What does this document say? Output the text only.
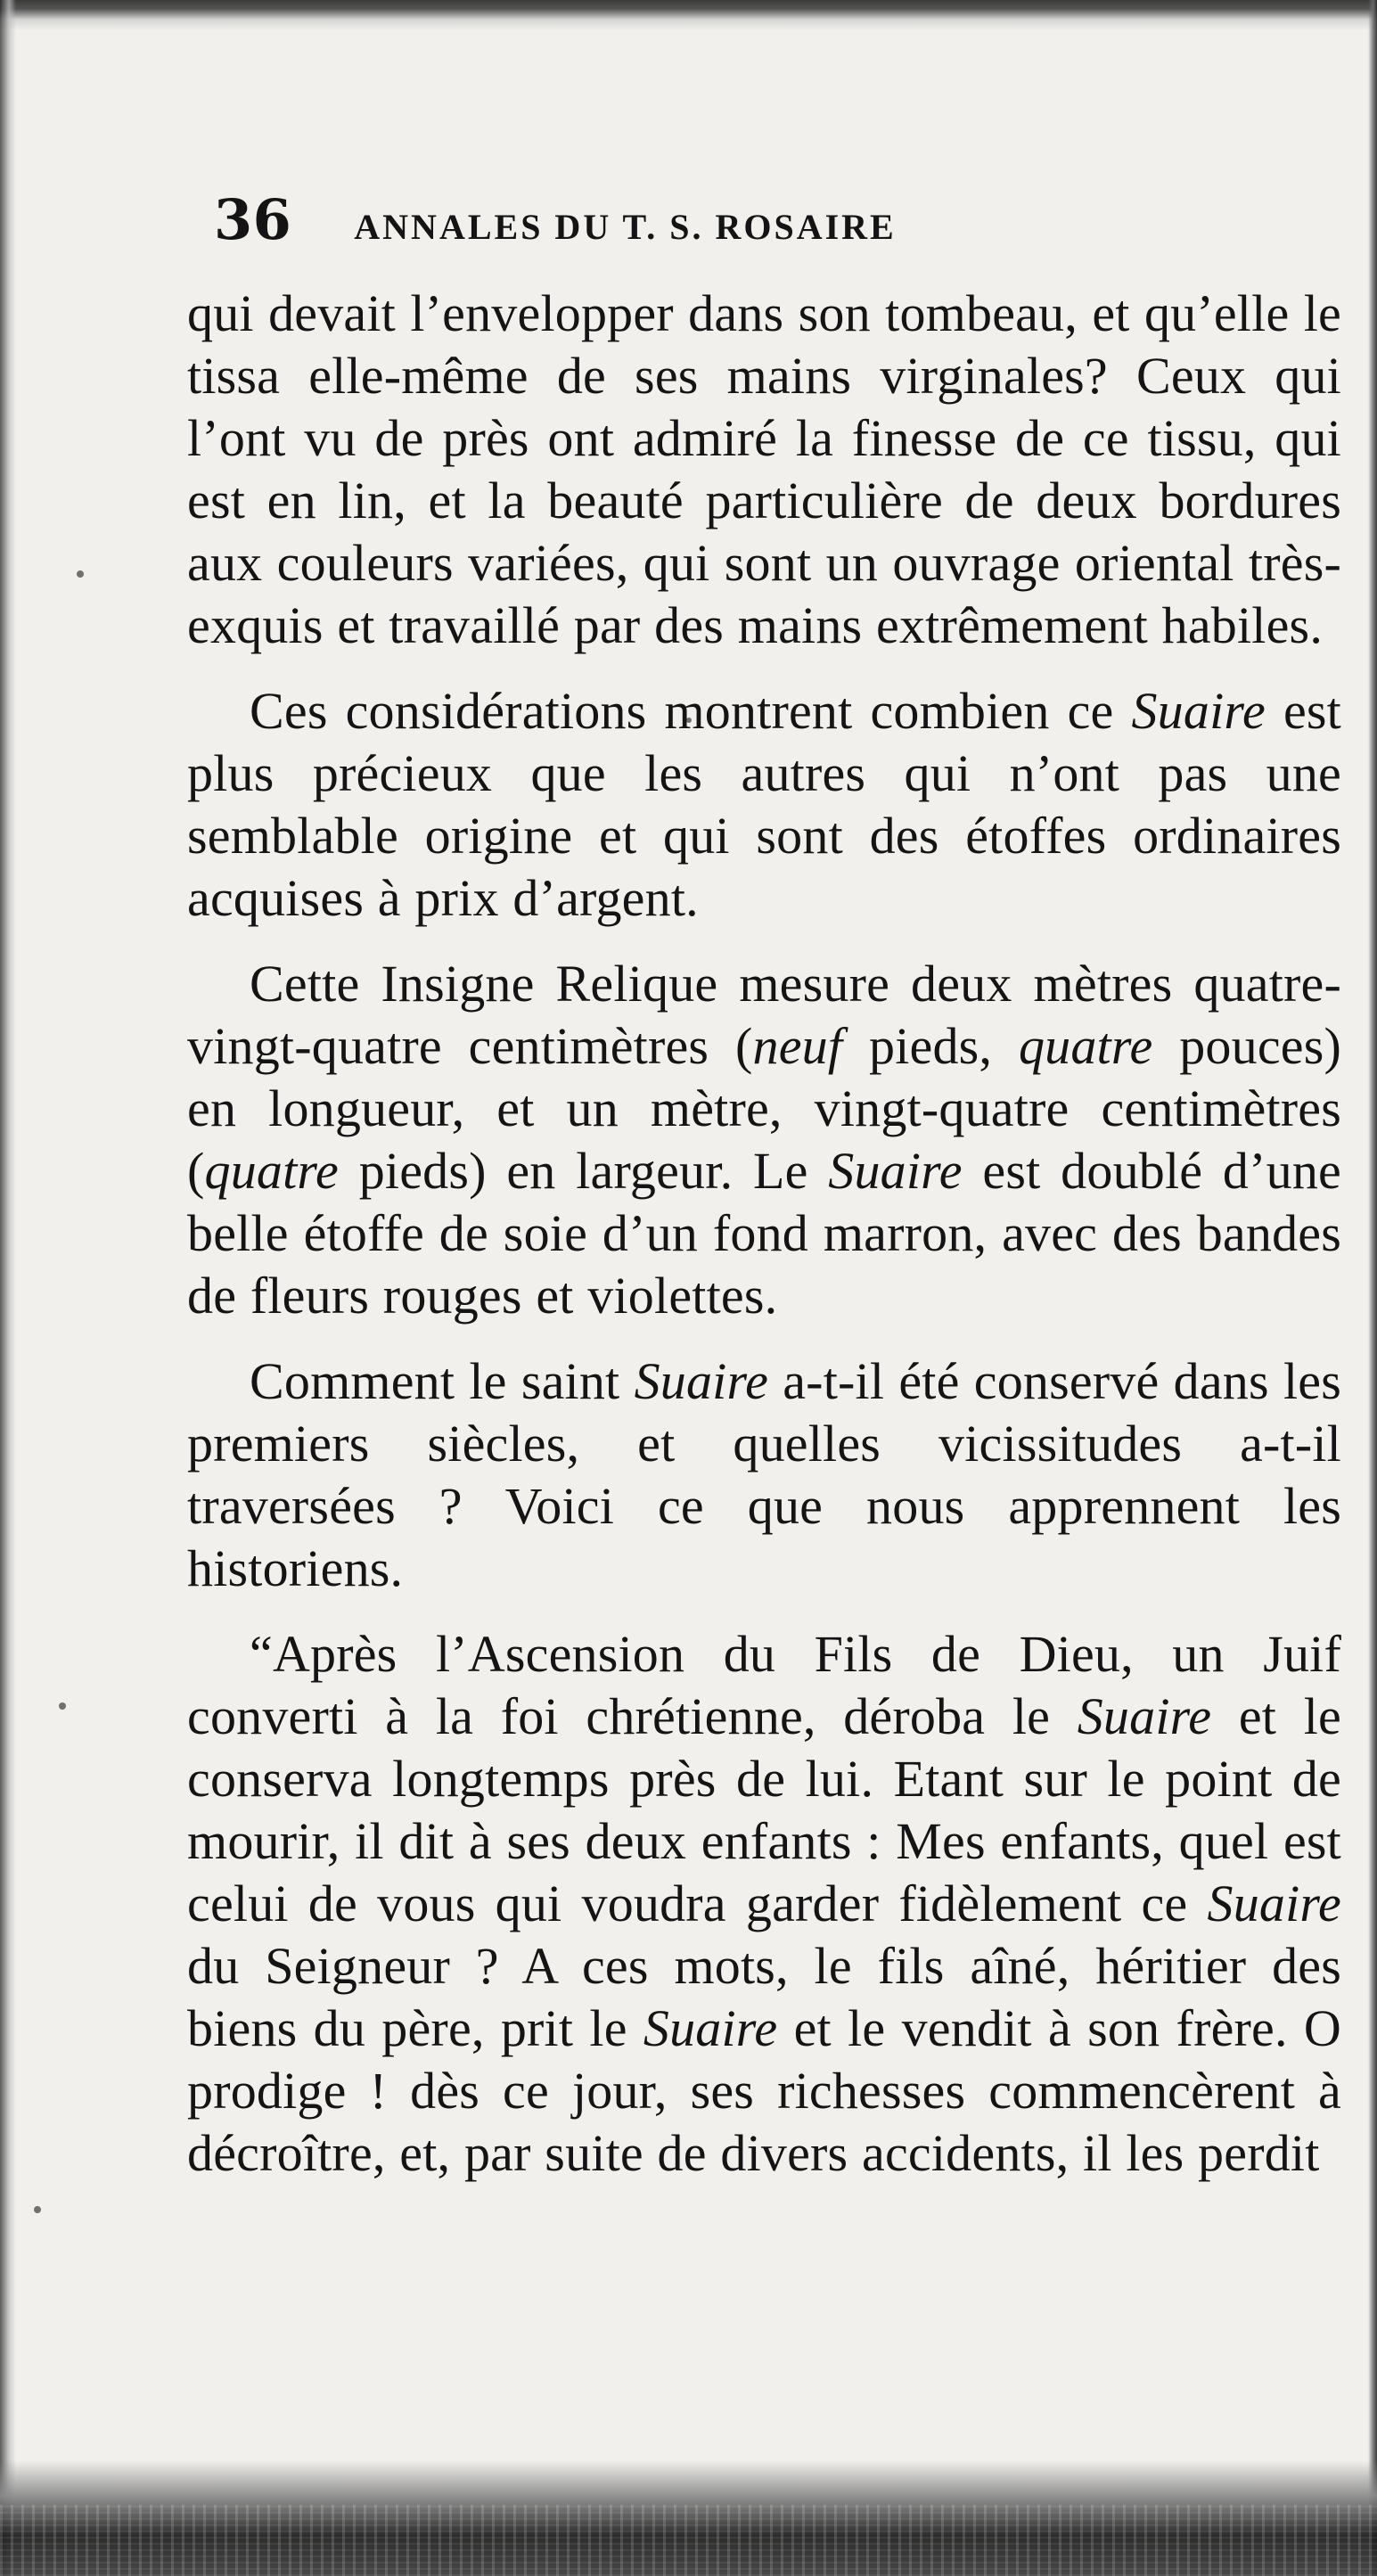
36 ANNALES DU T. S. ROSAIRE

qui devait l’envelopper dans son tombeau, et qu’elle le tissa elle-même de ses mains virginales? Ceux qui l’ont vu de près ont admiré la finesse de ce tissu, qui est en lin, et la beauté particulière de deux bordures aux couleurs variées, qui sont un ouvrage oriental très-exquis et travaillé par des mains extrêmement habiles.

Ces considérations montrent combien ce Suaire est plus précieux que les autres qui n’ont pas une semblable origine et qui sont des étoffes ordinaires acquises à prix d’argent.

Cette Insigne Relique mesure deux mètres quatre-vingt-quatre centimètres (neuf pieds, quatre pouces) en longueur, et un mètre, vingt-quatre centimètres (quatre pieds) en largeur. Le Suaire est doublé d’une belle étoffe de soie d’un fond marron, avec des bandes de fleurs rouges et violettes.

Comment le saint Suaire a-t-il été conservé dans les premiers siècles, et quelles vicissitudes a-t-il traversées ? Voici ce que nous apprennent les historiens.

“Après l’Ascension du Fils de Dieu, un Juif converti à la foi chrétienne, déroba le Suaire et le conserva longtemps près de lui. Etant sur le point de mourir, il dit à ses deux enfants : Mes enfants, quel est celui de vous qui voudra garder fidèlement ce Suaire du Seigneur ? A ces mots, le fils aîné, héritier des biens du père, prit le Suaire et le vendit à son frère. O prodige ! dès ce jour, ses richesses commencèrent à décroître, et, par suite de divers accidents, il les perdit
